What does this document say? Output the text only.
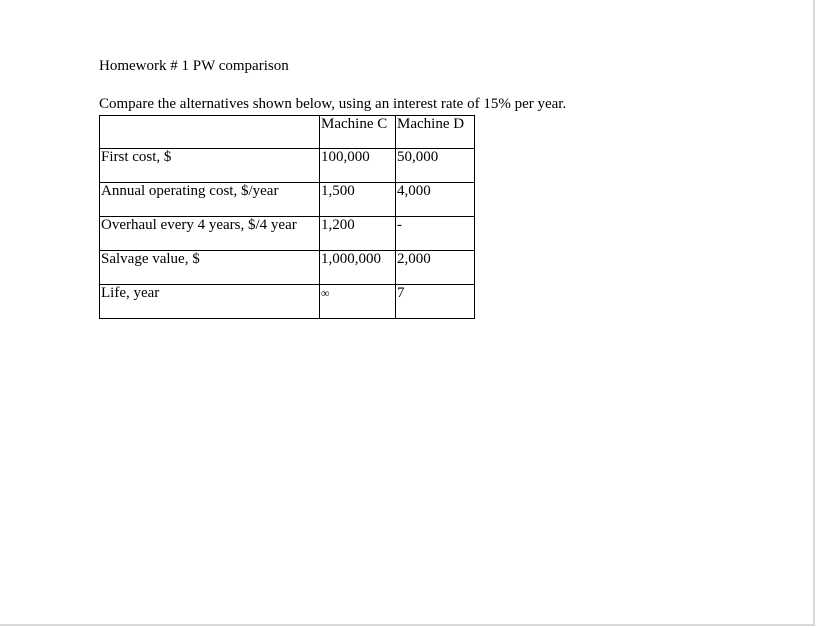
Homework # 1 PW comparison
Compare the alternatives shown below, using an interest rate of 15% per year.
	Machine C	Machine D
First cost, $	100,000	50,000
Annual operating cost, $/year	1,500	4,000
Overhaul every 4 years, $/4 year	1,200	-
Salvage value, $	1,000,000	2,000
Life, year	∞	7
